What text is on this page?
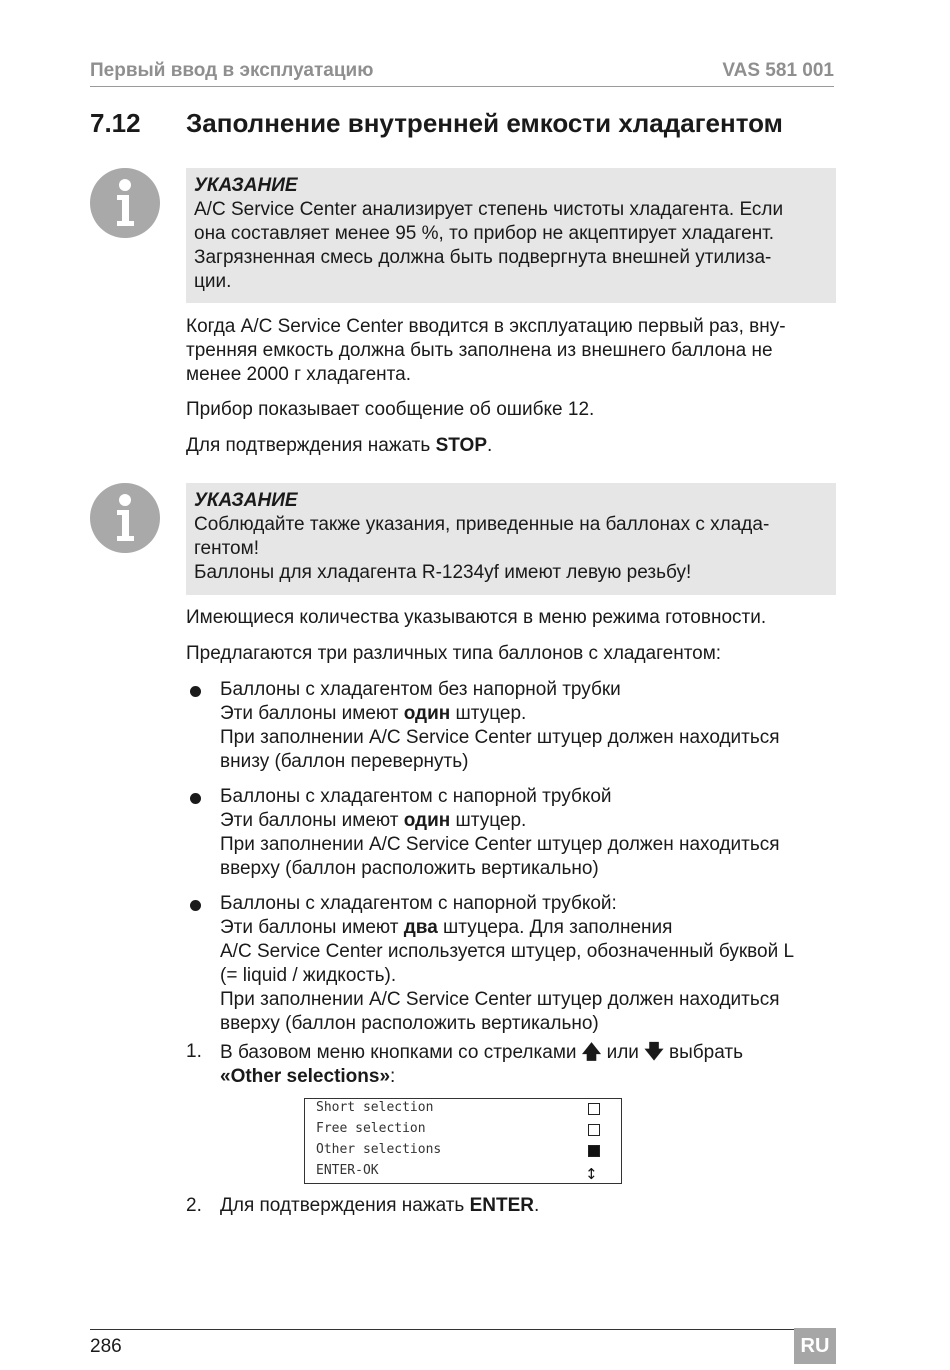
Первый ввод в эксплуатацию	VAS 581 001
7.12 Заполнение внутренней емкости хладагентом
УКАЗАНИЕ
A/C Service Center анализирует степень чистоты хладагента. Если
она составляет менее 95 %, то прибор не акцептирует хладагент.
Загрязненная смесь должна быть подвергнута внешней утилиза-
ции.
Когда A/C Service Center вводится в эксплуатацию первый раз, вну-
тренняя емкость должна быть заполнена из внешнего баллона не
менее 2000 г хладагента.
Прибор показывает сообщение об ошибке 12.
Для подтверждения нажать STOP.
УКАЗАНИЕ
Соблюдайте также указания, приведенные на баллонах с хлада-
гентом!
Баллоны для хладагента R-1234yf имеют левую резьбу!
Имеющиеся количества указываются в меню режима готовности.
Предлагаются три различных типа баллонов с хладагентом:
Баллоны с хладагентом без напорной трубки
Эти баллоны имеют один штуцер.
При заполнении A/C Service Center штуцер должен находиться
внизу (баллон перевернуть)
Баллоны с хладагентом с напорной трубкой
Эти баллоны имеют один штуцер.
При заполнении A/C Service Center штуцер должен находиться
вверху (баллон расположить вертикально)
Баллоны с хладагентом с напорной трубкой:
Эти баллоны имеют два штуцера. Для заполнения
A/C Service Center используется штуцер, обозначенный буквой L
(= liquid / жидкость).
При заполнении A/C Service Center штуцер должен находиться
вверху (баллон расположить вертикально)
1. В базовом меню кнопками со стрелками 🡅 или 🡇 выбрать
«Other selections»:
Short selection
Free selection
Other selections
ENTER-OK	↕
2. Для подтверждения нажать ENTER.
286	RU
